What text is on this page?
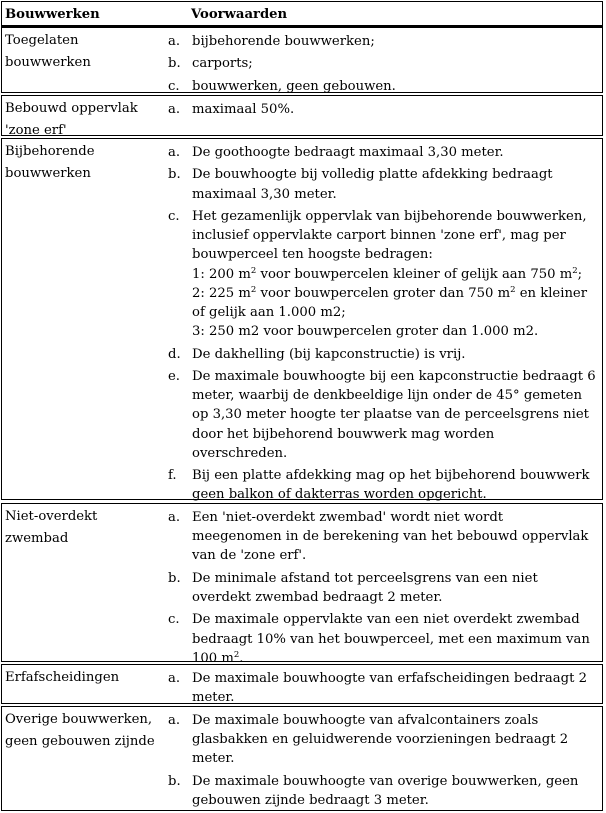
Bouwwerken	Voorwaarden
Toegelaten
bouwwerken
a. bijbehorende bouwwerken;
b. carports;
c. bouwwerken, geen gebouwen.
Bebouwd oppervlak
'zone erf'
a. maximaal 50%.
Bijbehorende
bouwwerken
a. De goothoogte bedraagt maximaal 3,30 meter.
b. De bouwhoogte bij volledig platte afdekking bedraagt
maximaal 3,30 meter.
c. Het gezamenlijk oppervlak van bijbehorende bouwwerken,
inclusief oppervlakte carport binnen 'zone erf', mag per
bouwperceel ten hoogste bedragen:
1: 200 $m^2$ voor bouwpercelen kleiner of gelijk aan 750 $m^2$;
2: 225 $m^2$ voor bouwpercelen groter dan 750 $m^2$ en kleiner
of gelijk aan 1.000 m2;
3: 250 m2 voor bouwpercelen groter dan 1.000 m2.
d. De dakhelling (bij kapconstructie) is vrij.
e. De maximale bouwhoogte bij een kapconstructie bedraagt 6
meter, waarbij de denkbeeldige lijn onder de 45° gemeten
op 3,30 meter hoogte ter plaatse van de perceelsgrens niet
door het bijbehorend bouwwerk mag worden
overschreden.
f. Bij een platte afdekking mag op het bijbehorend bouwwerk
geen balkon of dakterras worden opgericht.
Niet-overdekt
zwembad
a. Een 'niet-overdekt zwembad' wordt niet wordt
meegenomen in de berekening van het bebouwd oppervlak
van de 'zone erf'.
b. De minimale afstand tot perceelsgrens van een niet
overdekt zwembad bedraagt 2 meter.
c. De maximale oppervlakte van een niet overdekt zwembad
bedraagt 10% van het bouwperceel, met een maximum van
100 $m^2$.
Erfafscheidingen	a. De maximale bouwhoogte van erfafscheidingen bedraagt 2
meter.
Overige bouwwerken,
geen gebouwen zijnde
a. De maximale bouwhoogte van afvalcontainers zoals
glasbakken en geluidwerende voorzieningen bedraagt 2
meter.
b. De maximale bouwhoogte van overige bouwwerken, geen
gebouwen zijnde bedraagt 3 meter.
